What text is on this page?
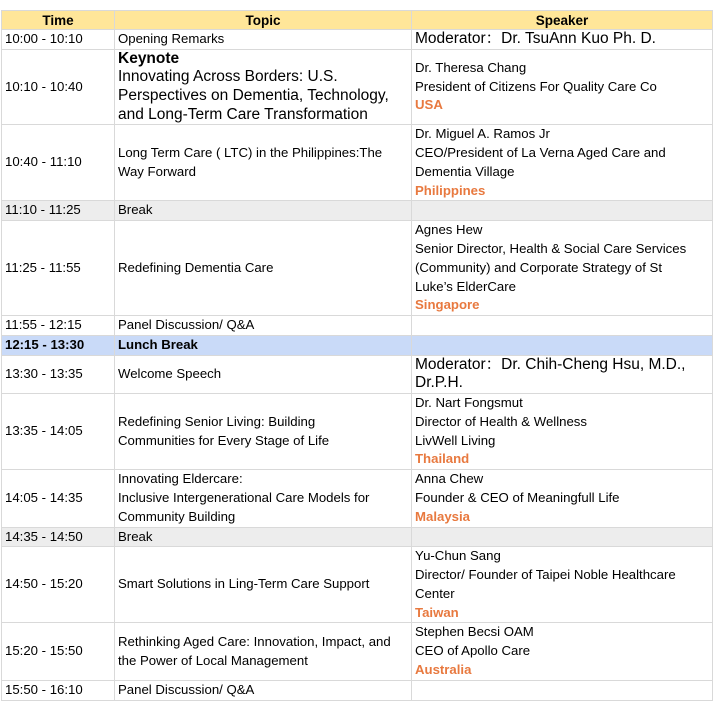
Time	Topic	Speaker
10:00 - 10:10	Opening Remarks	Moderator：Dr. TsuAnn Kuo Ph. D.

10:10 - 10:40	Keynote
Innovating Across Borders: U.S.
Perspectives on Dementia, Technology,
and Long-Term Care Transformation	Dr. Theresa Chang
President of Citizens For Quality Care Co
USA

10:40 - 11:10	Long Term Care ( LTC) in the Philippines:The
Way Forward	Dr. Miguel A. Ramos Jr
CEO/President of La Verna Aged Care and
Dementia Village
Philippines

11:10 - 11:25	Break	

11:25 - 11:55	Redefining Dementia Care	Agnes Hew
Senior Director, Health & Social Care Services
(Community) and Corporate Strategy of St
Luke’s ElderCare
Singapore

11:55 - 12:15	Panel Discussion/ Q&A	

12:15 - 13:30	Lunch Break	

13:30 - 13:35	Welcome Speech	Moderator：Dr. Chih-Cheng Hsu, M.D.,
Dr.P.H.

13:35 - 14:05	Redefining Senior Living: Building
Communities for Every Stage of Life	Dr. Nart Fongsmut
Director of Health & Wellness
LivWell Living
Thailand

14:05 - 14:35	Innovating Eldercare:
Inclusive Intergenerational Care Models for
Community Building	Anna Chew
Founder & CEO of Meaningfull Life
Malaysia

14:35 - 14:50	Break	

14:50 - 15:20	Smart Solutions in Ling-Term Care Support	Yu-Chun Sang
Director/ Founder of Taipei Noble Healthcare
Center
Taiwan

15:20 - 15:50	Rethinking Aged Care: Innovation, Impact, and
the Power of Local Management	Stephen Becsi OAM
CEO of Apollo Care
Australia

15:50 - 16:10	Panel Discussion/ Q&A	
